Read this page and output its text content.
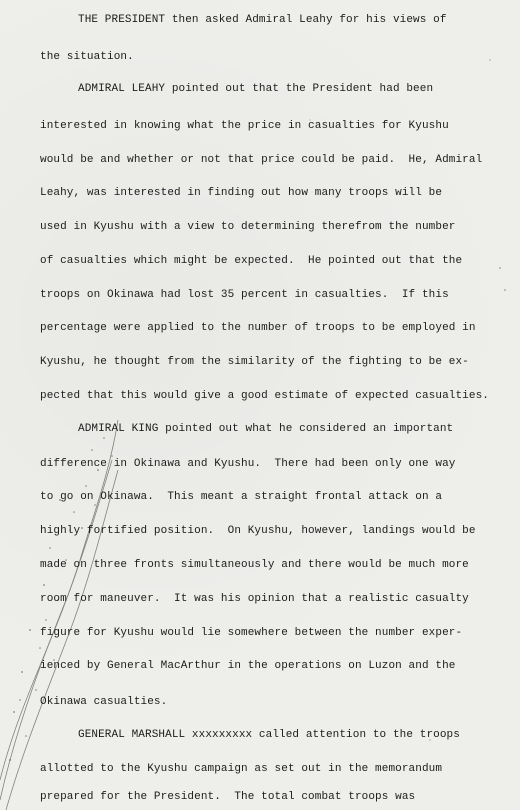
THE PRESIDENT then asked Admiral Leahy for his views of
the situation.
ADMIRAL LEAHY pointed out that the President had been
interested in knowing what the price in casualties for Kyushu
would be and whether or not that price could be paid.  He, Admiral
Leahy, was interested in finding out how many troops will be
used in Kyushu with a view to determining therefrom the number
of casualties which might be expected.  He pointed out that the
troops on Okinawa had lost 35 percent in casualties.  If this
percentage were applied to the number of troops to be employed in
Kyushu, he thought from the similarity of the fighting to be ex-
pected that this would give a good estimate of expected casualties.
ADMIRAL KING pointed out what he considered an important
difference in Okinawa and Kyushu.  There had been only one way
to go on Okinawa.  This meant a straight frontal attack on a
highly fortified position.  On Kyushu, however, landings would be
made on three fronts simultaneously and there would be much more
room for maneuver.  It was his opinion that a realistic casualty
figure for Kyushu would lie somewhere between the number exper-
ienced by General MacArthur in the operations on Luzon and the
Okinawa casualties.
GENERAL MARSHALL xxxxxxxxx called attention to the troops
allotted to the Kyushu campaign as set out in the memorandum
prepared for the President.  The total combat troops was
